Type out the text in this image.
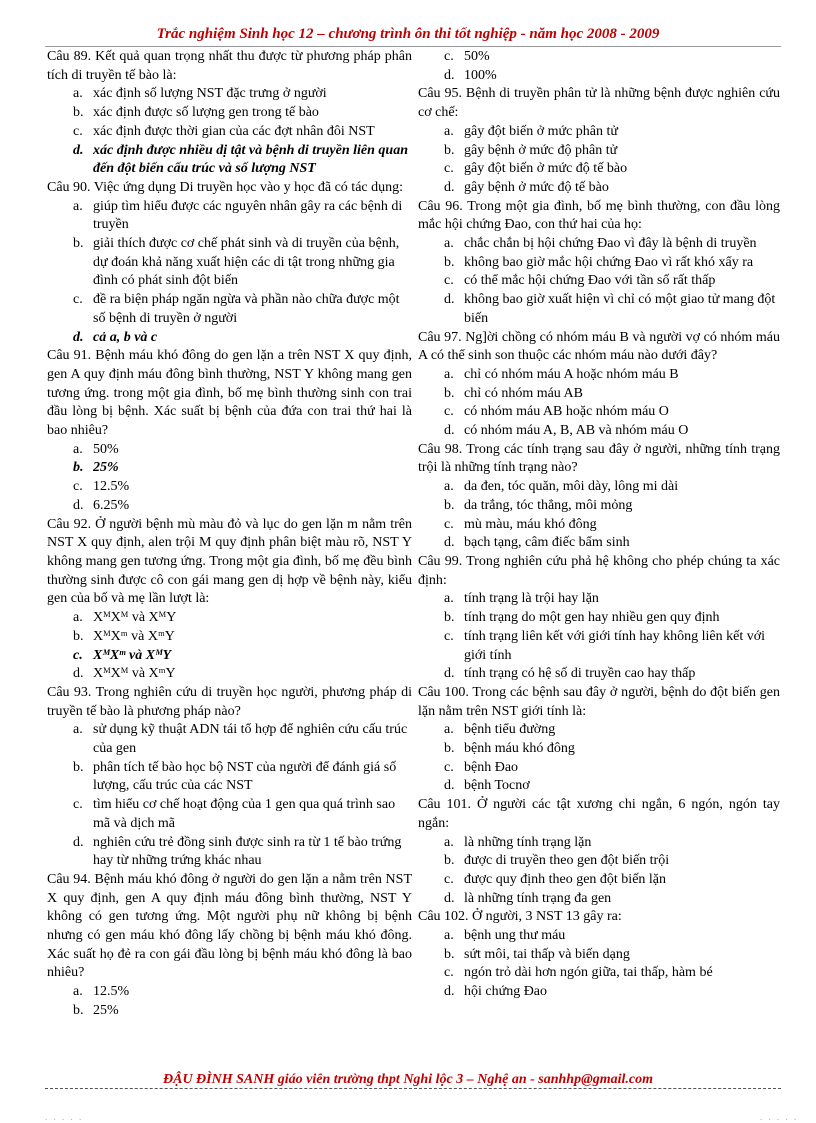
Trắc nghiệm Sinh học 12 – chương trình ôn thi tốt nghiệp - năm học 2008 - 2009

Câu 89. Kết quả quan trọng nhất thu được từ phương pháp phân tích di truyền tế bào là:

a. xác định số lượng NST đặc trưng ở người
b. xác định được số lượng gen trong tế bào
c. xác định được thời gian của các đợt nhân đôi NST
d. xác định được nhiều dị tật và bệnh di truyền liên quan đến đột biến cấu trúc và số lượng NST

Câu 90. Việc ứng dụng Di truyền học vào y học đã có tác dụng:

a. giúp tìm hiểu được các nguyên nhân gây ra các bệnh di truyền
b. giải thích được cơ chế phát sinh và di truyền của bệnh, dự đoán khả năng xuất hiện các di tật trong những gia đình có phát sinh đột biến
c. đề ra biện pháp ngăn ngừa và phần nào chữa được một số bệnh di truyền ở người
d. cả a, b và c

Câu 91. Bệnh máu khó đông do gen lặn a trên NST X quy định, gen A quy định máu đông bình thường, NST Y không mang gen tương ứng. trong một gia đình, bố mẹ bình thường sinh con trai đầu lòng bị bệnh. Xác suất bị bệnh của đứa con trai thứ hai là bao nhiêu?

a. 50%
b. 25%
c. 12.5%
d. 6.25%

Câu 92. Ở người bệnh mù màu đỏ và lục do gen lặn m nằm trên NST X quy định, alen trội M quy định phân biệt màu rõ, NST Y không mang gen tương ứng. Trong một gia đình, bố mẹ đều bình thường sinh được cô con gái mang gen dị hợp về bệnh này, kiểu gen của bố và mẹ lần lượt là:

a. XᴹXᴹ và XᴹY
b. XᴹXᵐ và XᵐY
c. XᴹXᵐ và XᴹY
d. XᴹXᴹ và XᵐY

Câu 93. Trong nghiên cứu di truyền học người, phương pháp di truyền tế bào là phương pháp nào?

a. sử dụng kỹ thuật ADN tái tổ hợp để nghiên cứu cấu trúc của gen
b. phân tích tế bào học bộ NST của người để đánh giá số lượng, cấu trúc của các NST
c. tìm hiểu cơ chế hoạt động của 1 gen qua quá trình sao mã và dịch mã
d. nghiên cứu trẻ đồng sinh được sinh ra từ 1 tế bào trứng hay từ những trứng khác nhau

Câu 94. Bệnh máu khó đông ở người do gen lặn a nằm trên NST X quy định, gen A quy định máu đông bình thường, NST Y không có gen tương ứng. Một người phụ nữ không bị bệnh nhưng có gen máu khó đông lấy chồng bị bệnh máu khó đông. Xác suất họ đẻ ra con gái đầu lòng bị bệnh máu khó đông là bao nhiêu?

a. 12.5%
b. 25%
c. 50%
d. 100%

Câu 95. Bệnh di truyền phân tử là những bệnh được nghiên cứu cơ chế:

a. gây đột biến ở mức phân tử
b. gây bệnh ở mức độ phân tử
c. gây đột biến ở mức độ tế bào
d. gây bệnh ở mức độ tế bào

Câu 96. Trong một gia đình, bố mẹ bình thường, con đầu lòng mắc hội chứng Đao, con thứ hai của họ:

a. chắc chắn bị hội chứng Đao vì đây là bệnh di truyền
b. không bao giờ mắc hội chứng Đao vì rất khó xẩy ra
c. có thể mắc hội chứng Đao với tần số rất thấp
d. không bao giờ xuất hiện vì chỉ có một giao tử mang đột biến

Câu 97. Ng]ời chồng có nhóm máu B và người vợ có nhóm máu A có thể sinh son thuộc các nhóm máu nào dưới đây?

a. chỉ có nhóm máu A hoặc nhóm máu B
b. chỉ có nhóm máu AB
c. có nhóm máu AB hoặc nhóm máu O
d. có nhóm máu A, B, AB và nhóm máu O

Câu 98. Trong các tính trạng sau đây ở người, những tính trạng trội là những tính trạng nào?

a. da đen, tóc quăn, môi dày, lông mi dài
b. da trắng, tóc thẳng, môi mỏng
c. mù màu, máu khó đông
d. bạch tạng, câm điếc bẩm sinh

Câu 99. Trong nghiên cứu phả hệ không cho phép chúng ta xác định:

a. tính trạng là trội hay lặn
b. tính trạng do một gen hay nhiều gen quy định
c. tính trạng liên kết với giới tính hay không liên kết với giới tính
d. tính trạng có hệ số di truyền cao hay thấp

Câu 100. Trong các bệnh sau đây ở người, bệnh do đột biến gen lặn nằm trên NST giới tính là:

a. bệnh tiểu đường
b. bệnh máu khó đông
c. bệnh Đao
d. bệnh Tocnơ

Câu 101. Ở người các tật xương chi ngắn, 6 ngón, ngón tay ngắn:

a. là những tính trạng lặn
b. được di truyền theo gen đột biến trội
c. được quy định theo gen đột biến lặn
d. là những tính trạng đa gen

Câu 102. Ở người, 3 NST 13 gây ra:

a. bệnh ung thư máu
b. sứt môi, tai thấp và biến dạng
c. ngón trỏ dài hơn ngón giữa, tai thấp, hàm bé
d. hội chứng Đao
ĐẬU ĐÌNH SANH giáo viên trường thpt Nghi lộc 3 – Nghệ an - sanhhp@gmail.com
. . . . .	. . . . .
